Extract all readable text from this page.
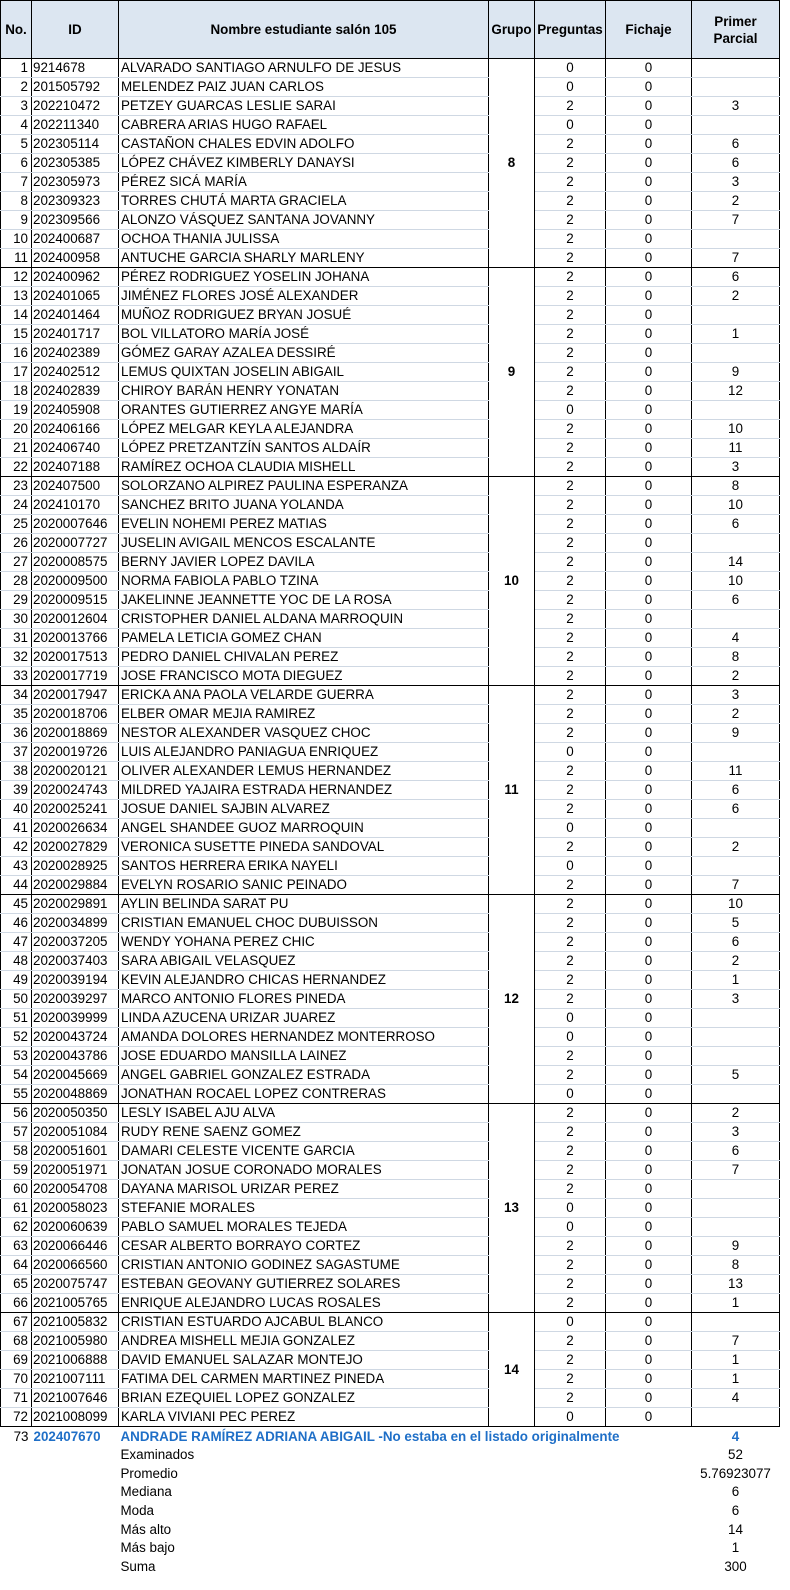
No.	ID	Nombre estudiante salón 105	Grupo	Preguntas	Fichaje	Primer
Parcial
1	9214678	ALVARADO SANTIAGO ARNULFO DE JESUS	8	0	0	
2	201505792	MELENDEZ PAIZ JUAN CARLOS		0	0	
3	202210472	PETZEY GUARCAS LESLIE SARAI		2	0	3
4	202211340	CABRERA ARIAS HUGO RAFAEL		0	0	
5	202305114	CASTAÑON CHALES EDVIN ADOLFO		2	0	6
6	202305385	LÓPEZ CHÁVEZ KIMBERLY DANAYSI		2	0	6
7	202305973	PÉREZ SICÁ MARÍA		2	0	3
8	202309323	TORRES CHUTÁ MARTA GRACIELA		2	0	2
9	202309566	ALONZO VÁSQUEZ SANTANA JOVANNY		2	0	7
10	202400687	OCHOA THANIA JULISSA		2	0	
11	202400958	ANTUCHE GARCIA SHARLY MARLENY		2	0	7
12	202400962	PÉREZ RODRIGUEZ YOSELIN JOHANA	9	2	0	6
13	202401065	JIMÉNEZ FLORES JOSÉ ALEXANDER		2	0	2
14	202401464	MUÑOZ RODRIGUEZ BRYAN JOSUÉ		2	0	
15	202401717	BOL VILLATORO MARÍA JOSÉ		2	0	1
16	202402389	GÓMEZ GARAY AZALEA DESSIRÉ		2	0	
17	202402512	LEMUS QUIXTAN JOSELIN ABIGAIL		2	0	9
18	202402839	CHIROY BARÁN HENRY YONATAN		2	0	12
19	202405908	ORANTES GUTIERREZ ANGYE MARÍA		0	0	
20	202406166	LÓPEZ MELGAR KEYLA ALEJANDRA		2	0	10
21	202406740	LÓPEZ PRETZANTZÍN SANTOS ALDAÍR		2	0	11
22	202407188	RAMÍREZ OCHOA CLAUDIA MISHELL		2	0	3
23	202407500	SOLORZANO ALPIREZ PAULINA ESPERANZA	10	2	0	8
24	202410170	SANCHEZ BRITO JUANA YOLANDA		2	0	10
25	2020007646	EVELIN NOHEMI PEREZ MATIAS		2	0	6
26	2020007727	JUSELIN AVIGAIL MENCOS ESCALANTE		2	0	
27	2020008575	BERNY JAVIER LOPEZ DAVILA		2	0	14
28	2020009500	NORMA FABIOLA PABLO TZINA		2	0	10
29	2020009515	JAKELINNE JEANNETTE YOC DE LA ROSA		2	0	6
30	2020012604	CRISTOPHER DANIEL ALDANA MARROQUIN		2	0	
31	2020013766	PAMELA LETICIA GOMEZ CHAN		2	0	4
32	2020017513	PEDRO DANIEL CHIVALAN PEREZ		2	0	8
33	2020017719	JOSE FRANCISCO MOTA DIEGUEZ		2	0	2
34	2020017947	ERICKA ANA PAOLA VELARDE GUERRA	11	2	0	3
35	2020018706	ELBER OMAR MEJIA RAMIREZ		2	0	2
36	2020018869	NESTOR ALEXANDER VASQUEZ CHOC		2	0	9
37	2020019726	LUIS ALEJANDRO PANIAGUA ENRIQUEZ		0	0	
38	2020020121	OLIVER ALEXANDER LEMUS HERNANDEZ		2	0	11
39	2020024743	MILDRED YAJAIRA ESTRADA HERNANDEZ		2	0	6
40	2020025241	JOSUE DANIEL SAJBIN ALVAREZ		2	0	6
41	2020026634	ANGEL SHANDEE GUOZ MARROQUIN		0	0	
42	2020027829	VERONICA SUSETTE PINEDA SANDOVAL		2	0	2
43	2020028925	SANTOS HERRERA ERIKA NAYELI		0	0	
44	2020029884	EVELYN ROSARIO SANIC PEINADO		2	0	7
45	2020029891	AYLIN BELINDA SARAT PU	12	2	0	10
46	2020034899	CRISTIAN EMANUEL CHOC DUBUISSON		2	0	5
47	2020037205	WENDY YOHANA PEREZ CHIC		2	0	6
48	2020037403	SARA ABIGAIL VELASQUEZ		2	0	2
49	2020039194	KEVIN ALEJANDRO CHICAS HERNANDEZ		2	0	1
50	2020039297	MARCO ANTONIO FLORES PINEDA		2	0	3
51	2020039999	LINDA AZUCENA URIZAR JUAREZ		0	0	
52	2020043724	AMANDA DOLORES HERNANDEZ MONTERROSO		0	0	
53	2020043786	JOSE EDUARDO MANSILLA LAINEZ		2	0	
54	2020045669	ANGEL GABRIEL GONZALEZ ESTRADA		2	0	5
55	2020048869	JONATHAN ROCAEL LOPEZ CONTRERAS		0	0	
56	2020050350	LESLY ISABEL AJU ALVA	13	2	0	2
57	2020051084	RUDY RENE SAENZ GOMEZ		2	0	3
58	2020051601	DAMARI CELESTE VICENTE GARCIA		2	0	6
59	2020051971	JONATAN JOSUE CORONADO MORALES		2	0	7
60	2020054708	DAYANA MARISOL URIZAR PEREZ		2	0	
61	2020058023	STEFANIE MORALES		0	0	
62	2020060639	PABLO SAMUEL MORALES TEJEDA		0	0	
63	2020066446	CESAR ALBERTO BORRAYO CORTEZ		2	0	9
64	2020066560	CRISTIAN ANTONIO GODINEZ SAGASTUME		2	0	8
65	2020075747	ESTEBAN GEOVANY GUTIERREZ SOLARES		2	0	13
66	2021005765	ENRIQUE ALEJANDRO LUCAS ROSALES		2	0	1
67	2021005832	CRISTIAN ESTUARDO AJCABUL BLANCO	14	0	0	
68	2021005980	ANDREA MISHELL MEJIA GONZALEZ		2	0	7
69	2021006888	DAVID EMANUEL SALAZAR MONTEJO		2	0	1
70	2021007111	FATIMA DEL CARMEN MARTINEZ PINEDA		2	0	1
71	2021007646	BRIAN EZEQUIEL LOPEZ GONZALEZ		2	0	4
72	2021008099	KARLA VIVIANI PEC PEREZ		0	0	
73	202407670	ANDRADE RAMÍREZ ADRIANA ABIGAIL -No estaba en el listado originalmente				4
		Examinados				52
		Promedio				5.76923077
		Mediana				6
		Moda				6
		Más alto				14
		Más bajo				1
		Suma				300
